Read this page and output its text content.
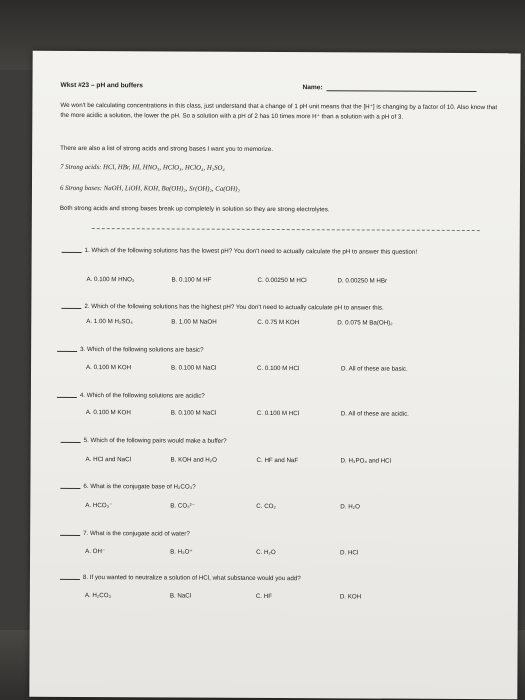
Wkst #23 – pH and buffers	Name:
We won't be calculating concentrations in this class, just understand that a change of 1 pH unit means that the [H⁺] is changing by a factor of 10. Also know that the more acidic a solution, the lower the pH. So a solution with a pH of 2 has 10 times more H⁺ than a solution with a pH of 3.
There are also a list of strong acids and strong bases I want you to memorize.
7 Strong acids: HCl, HBr, HI, HNO₃, HClO₃, HClO₄, H₂SO₄
6 Strong bases: NaOH, LiOH, KOH, Ba(OH)₂, Sr(OH)₂, Ca(OH)₂
Both strong acids and strong bases break up completely in solution so they are strong electrolytes.
1. Which of the following solutions has the lowest pH? You don't need to actually calculate the pH to answer this question!
A. 0.100 M HNO₃	B. 0.100 M HF	C. 0.00250 M HCl	D. 0.00250 M HBr
2. Which of the following solutions has the highest pH? You don't need to actually calculate pH to answer this.
A. 1.00 M H₂SO₄	B. 1.00 M NaOH	C. 0.75 M KOH	D. 0.075 M Ba(OH)₂
3. Which of the following solutions are basic?
A. 0.100 M KOH	B. 0.100 M NaCl	C. 0.100 M HCl	D. All of these are basic.
4. Which of the following solutions are acidic?
A. 0.100 M KOH	B. 0.100 M NaCl	C. 0.100 M HCl	D. All of these are acidic.
5. Which of the following pairs would make a buffer?
A. HCl and NaCl	B. KOH and H₂O	C. HF and NaF	D. H₃PO₄ and HCl
6. What is the conjugate base of H₂CO₃?
A. HCO₃⁻	B. CO₃²⁻	C. CO₂	D. H₂O
7. What is the conjugate acid of water?
A. OH⁻	B. H₃O⁺	C. H₂O	D. HCl
8. If you wanted to neutralize a solution of HCl, what substance would you add?
A. H₂CO₃	B. NaCl	C. HF	D. KOH
